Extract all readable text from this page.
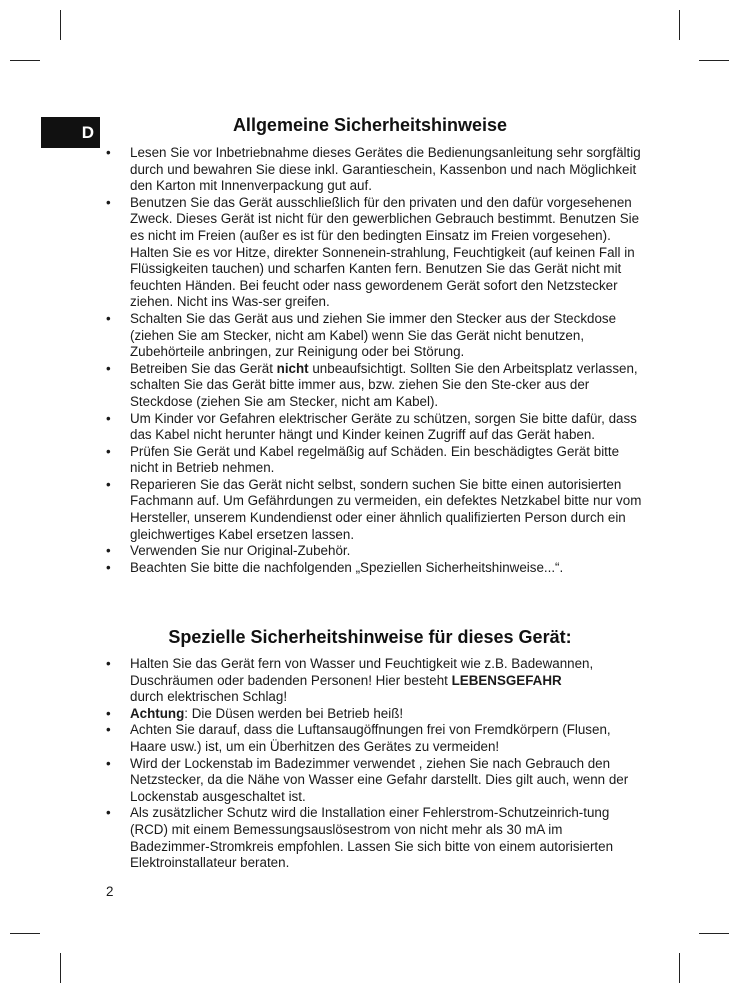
D	Allgemeine Sicherheitshinweise
• Lesen Sie vor Inbetriebnahme dieses Gerätes die Bedienungsanleitung sehr sorgfältig durch und bewahren Sie diese inkl. Garantieschein, Kassenbon und nach Möglichkeit den Karton mit Innenverpackung gut auf.
• Benutzen Sie das Gerät ausschließlich für den privaten und den dafür vorgesehenen Zweck. Dieses Gerät ist nicht für den gewerblichen Gebrauch bestimmt. Benutzen Sie es nicht im Freien (außer es ist für den bedingten Einsatz im Freien vorgesehen). Halten Sie es vor Hitze, direkter Sonnenein-strahlung, Feuchtigkeit (auf keinen Fall in Flüssigkeiten tauchen) und scharfen Kanten fern. Benutzen Sie das Gerät nicht mit feuchten Händen. Bei feucht oder nass gewordenem Gerät sofort den Netzstecker ziehen. Nicht ins Was-ser greifen.
• Schalten Sie das Gerät aus und ziehen Sie immer den Stecker aus der Steckdose (ziehen Sie am Stecker, nicht am Kabel) wenn Sie das Gerät nicht benutzen, Zubehörteile anbringen, zur Reinigung oder bei Störung.
• Betreiben Sie das Gerät nicht unbeaufsichtigt. Sollten Sie den Arbeitsplatz verlassen, schalten Sie das Gerät bitte immer aus, bzw. ziehen Sie den Ste-cker aus der Steckdose (ziehen Sie am Stecker, nicht am Kabel).
• Um Kinder vor Gefahren elektrischer Geräte zu schützen, sorgen Sie bitte dafür, dass das Kabel nicht herunter hängt und Kinder keinen Zugriff auf das Gerät haben.
• Prüfen Sie Gerät und Kabel regelmäßig auf Schäden. Ein beschädigtes Gerät bitte nicht in Betrieb nehmen.
• Reparieren Sie das Gerät nicht selbst, sondern suchen Sie bitte einen autorisierten Fachmann auf. Um Gefährdungen zu vermeiden, ein defektes Netzkabel bitte nur vom Hersteller, unserem Kundendienst oder einer ähnlich qualifizierten Person durch ein gleichwertiges Kabel ersetzen lassen.
• Verwenden Sie nur Original-Zubehör.
• Beachten Sie bitte die nachfolgenden „Speziellen Sicherheitshinweise...“.
Spezielle Sicherheitshinweise für dieses Gerät:
• Halten Sie das Gerät fern von Wasser und Feuchtigkeit wie z.B. Badewannen, Duschräumen oder badenden Personen! Hier besteht LEBENSGEFAHR
durch elektrischen Schlag!
• Achtung: Die Düsen werden bei Betrieb heiß!
• Achten Sie darauf, dass die Luftansaugöffnungen frei von Fremdkörpern (Flusen, Haare usw.) ist, um ein Überhitzen des Gerätes zu vermeiden!
• Wird der Lockenstab im Badezimmer verwendet , ziehen Sie nach Gebrauch den Netzstecker, da die Nähe von Wasser eine Gefahr darstellt. Dies gilt auch, wenn der Lockenstab ausgeschaltet ist.
• Als zusätzlicher Schutz wird die Installation einer Fehlerstrom-Schutzeinrich-tung (RCD) mit einem Bemessungsauslösestrom von nicht mehr als 30 mA im Badezimmer-Stromkreis empfohlen. Lassen Sie sich bitte von einem autorisierten Elektroinstallateur beraten.
2
